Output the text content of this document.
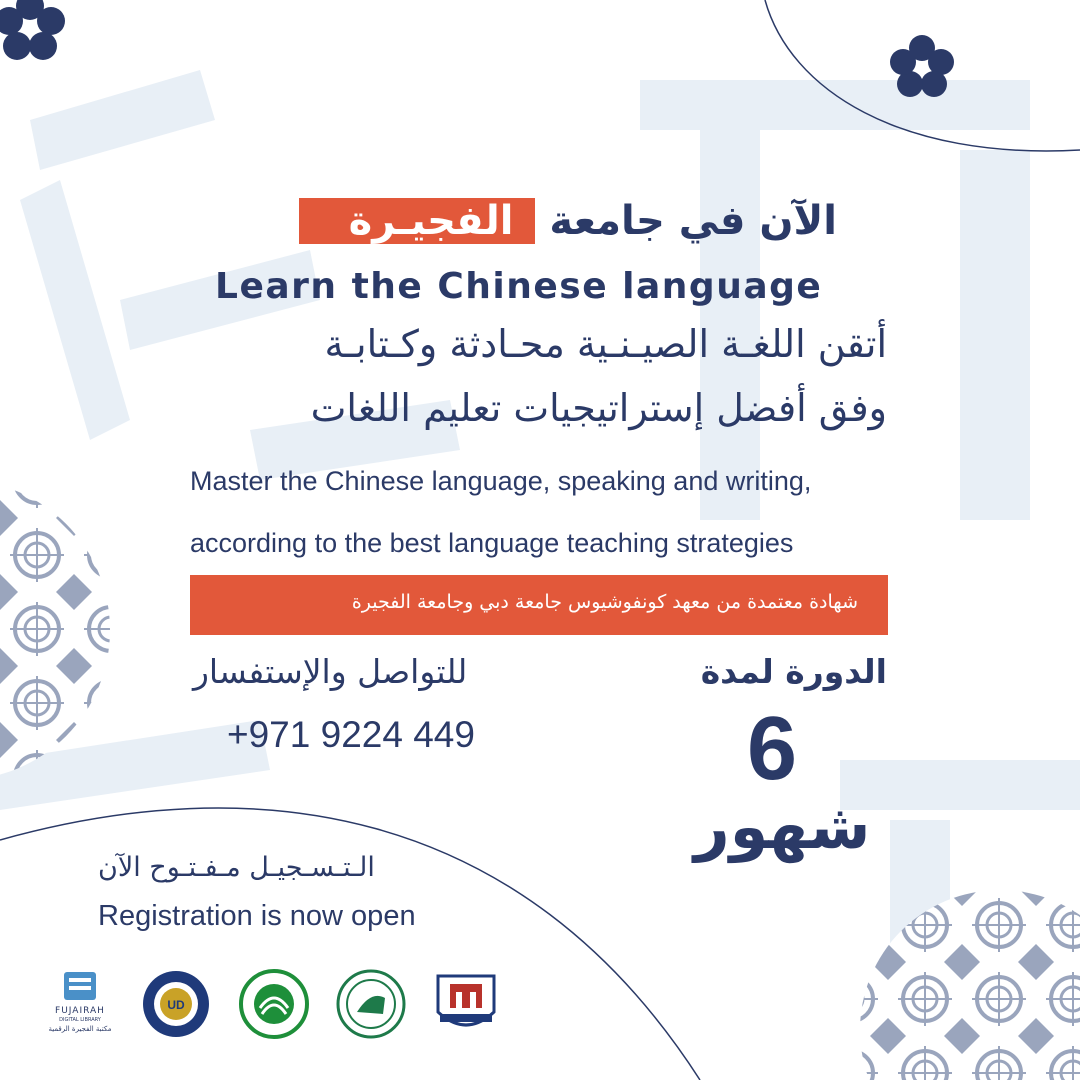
الآن في جامعة الفجيـرة
Learn the Chinese language
أتقن اللغـة الصيـنـية محـادثة وكـتابـة
وفق أفضل إستراتيجيات تعليم اللغات
Master the Chinese language, speaking and writing,
according to the best language teaching strategies
شهادة معتمدة من معهد كونفوشيوس جامعة دبي وجامعة الفجيرة
الدورة لمدة
6
شهور
للتواصل والإستفسار
+971 9224 449
الـتـسـجيـل مـفـتـوح الآن
Registration is now open
FUJAIRAH
DIGITAL LIBRARY
مكتبة الفجيرة الرقمية
UD
